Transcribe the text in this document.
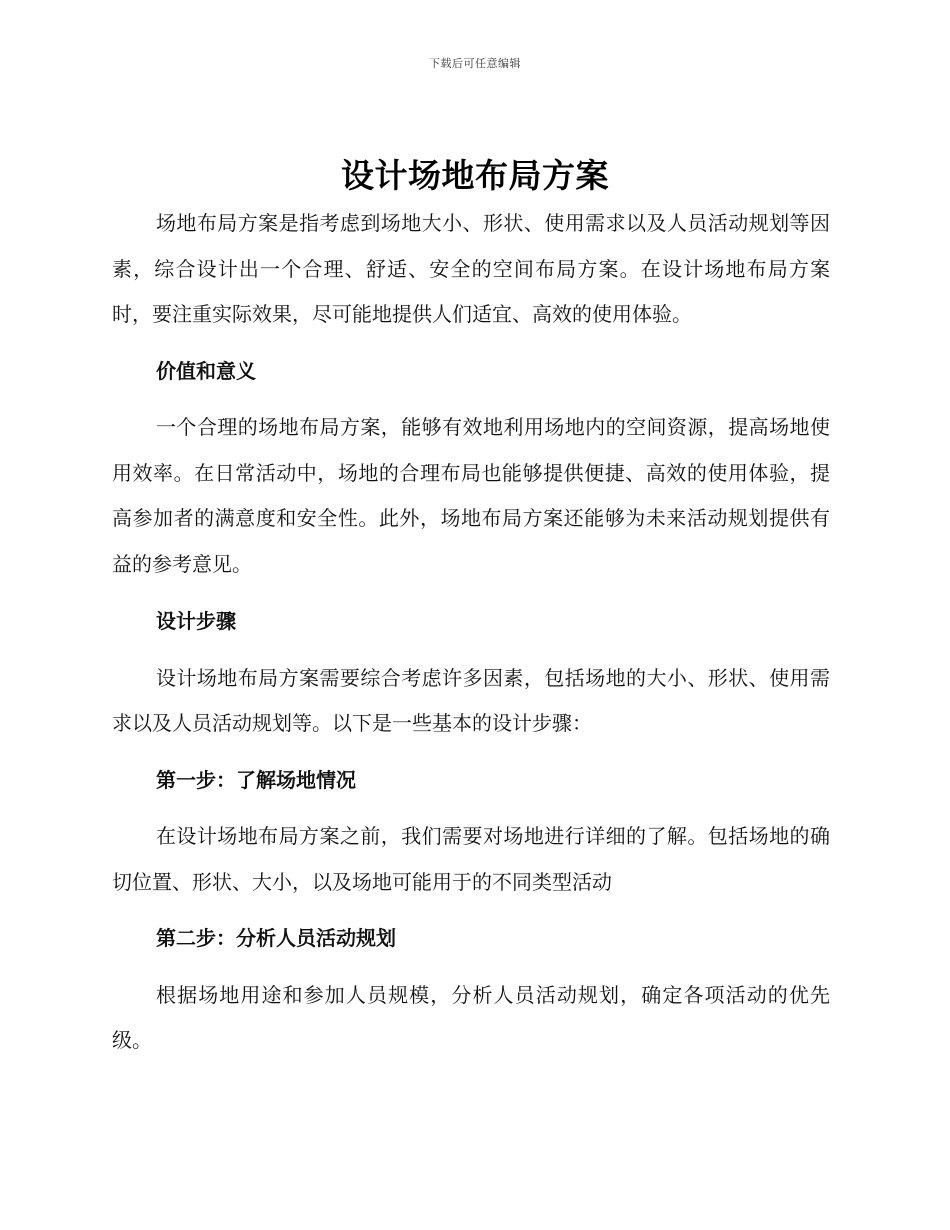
下载后可任意编辑
设计场地布局方案

场地布局方案是指考虑到场地大小、形状、使用需求以及人员活动规划等因素，综合设计出一个合理、舒适、安全的空间布局方案。在设计场地布局方案时，要注重实际效果，尽可能地提供人们适宜、高效的使用体验。

价值和意义

一个合理的场地布局方案，能够有效地利用场地内的空间资源，提高场地使用效率。在日常活动中，场地的合理布局也能够提供便捷、高效的使用体验，提高参加者的满意度和安全性。此外，场地布局方案还能够为未来活动规划提供有益的参考意见。

设计步骤

设计场地布局方案需要综合考虑许多因素，包括场地的大小、形状、使用需求以及人员活动规划等。以下是一些基本的设计步骤：

第一步：了解场地情况

在设计场地布局方案之前，我们需要对场地进行详细的了解。包括场地的确切位置、形状、大小，以及场地可能用于的不同类型活动

第二步：分析人员活动规划

根据场地用途和参加人员规模，分析人员活动规划，确定各项活动的优先级。
